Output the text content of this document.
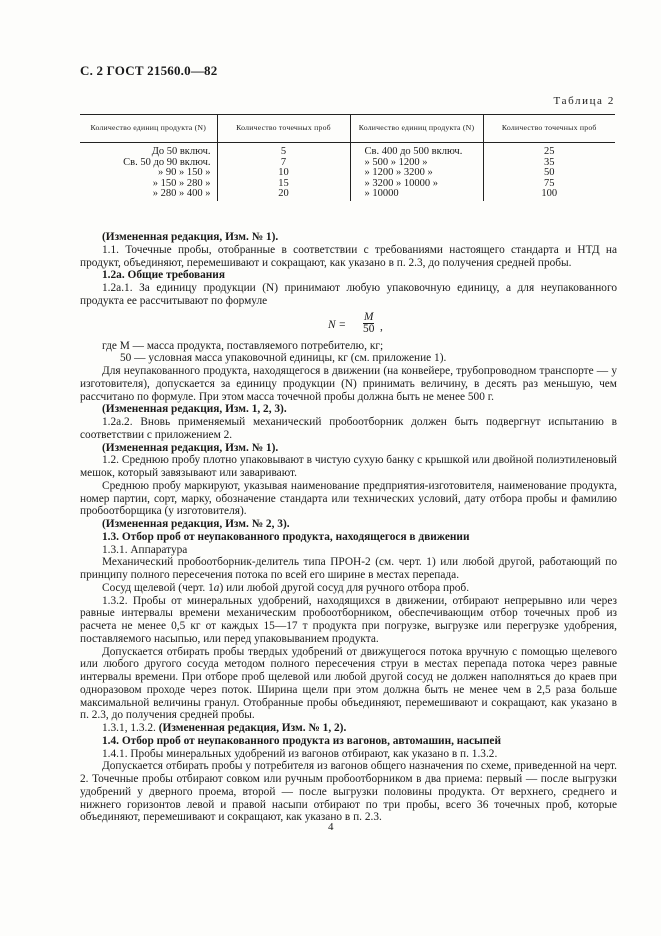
С. 2 ГОСТ 21560.0—82
Таблица 2
Количество единиц продукта (N)	Количество точечных проб	Количество единиц продукта (N)	Количество точечных проб
До 50 включ.	5	Св. 400 до 500 включ.	25
Св. 50 до 90 включ.	7	» 500 » 1200 »	35
» 90 » 150 »	10	» 1200 » 3200 »	50
» 150 » 280 »	15	» 3200 » 10000 »	75
» 280 » 400 »	20	» 10000	100

(Измененная редакция, Изм. № 1).

1.1. Точечные пробы, отобранные в соответствии с требованиями настоящего стандарта и НТД на продукт, объединяют, перемешивают и сокращают, как указано в п. 2.3, до получения средней пробы.

1.2а. Общие требования

1.2а.1. За единицу продукции (N) принимают любую упаковочную единицу, а для неупакованного продукта ее рассчитывают по формуле

$N = \frac{M}{50}$ ,

где M — масса продукта, поставляемого потребителю, кг;

50 — условная масса упаковочной единицы, кг (см. приложение 1).

Для неупакованного продукта, находящегося в движении (на конвейере, трубопроводном транспорте — у изготовителя), допускается за единицу продукции (N) принимать величину, в десять раз меньшую, чем рассчитано по формуле. При этом масса точечной пробы должна быть не менее 500 г.

(Измененная редакция, Изм. 1, 2, 3).

1.2а.2. Вновь применяемый механический пробоотборник должен быть подвергнут испытанию в соответствии с приложением 2.

(Измененная редакция, Изм. № 1).

1.2. Среднюю пробу плотно упаковывают в чистую сухую банку с крышкой или двойной полиэтиленовый мешок, который завязывают или заваривают.

Среднюю пробу маркируют, указывая наименование предприятия-изготовителя, наименование продукта, номер партии, сорт, марку, обозначение стандарта или технических условий, дату отбора пробы и фамилию пробоотборщика (у изготовителя).

(Измененная редакция, Изм. № 2, 3).

1.3. Отбор проб от неупакованного продукта, находящегося в движении

1.3.1. Аппаратура

Механический пробоотборник-делитель типа ПРОН-2 (см. черт. 1) или любой другой, работающий по принципу полного пересечения потока по всей его ширине в местах перепада.

Сосуд щелевой (черт. 1а) или любой другой сосуд для ручного отбора проб.

1.3.2. Пробы от минеральных удобрений, находящихся в движении, отбирают непрерывно или через равные интервалы времени механическим пробоотборником, обеспечивающим отбор точечных проб из расчета не менее 0,5 кг от каждых 15—17 т продукта при погрузке, выгрузке или перегрузке удобрения, поставляемого насыпью, или перед упаковыванием продукта.

Допускается отбирать пробы твердых удобрений от движущегося потока вручную с помощью щелевого или любого другого сосуда методом полного пересечения струи в местах перепада потока через равные интервалы времени. При отборе проб щелевой или любой другой сосуд не должен наполняться до краев при одноразовом проходе через поток. Ширина щели при этом должна быть не менее чем в 2,5 раза больше максимальной величины гранул. Отобранные пробы объединяют, перемешивают и сокращают, как указано в п. 2.3, до получения средней пробы.

1.3.1, 1.3.2. (Измененная редакция, Изм. № 1, 2).

1.4. Отбор проб от неупакованного продукта из вагонов, автомашин, насыпей

1.4.1. Пробы минеральных удобрений из вагонов отбирают, как указано в п. 1.3.2.

Допускается отбирать пробы у потребителя из вагонов общего назначения по схеме, приведенной на черт. 2. Точечные пробы отбирают совком или ручным пробоотборником в два приема: первый — после выгрузки удобрений у дверного проема, второй — после выгрузки половины продукта. От верхнего, среднего и нижнего горизонтов левой и правой насыпи отбирают по три пробы, всего 36 точечных проб, которые объединяют, перемешивают и сокращают, как указано в п. 2.3.

4
